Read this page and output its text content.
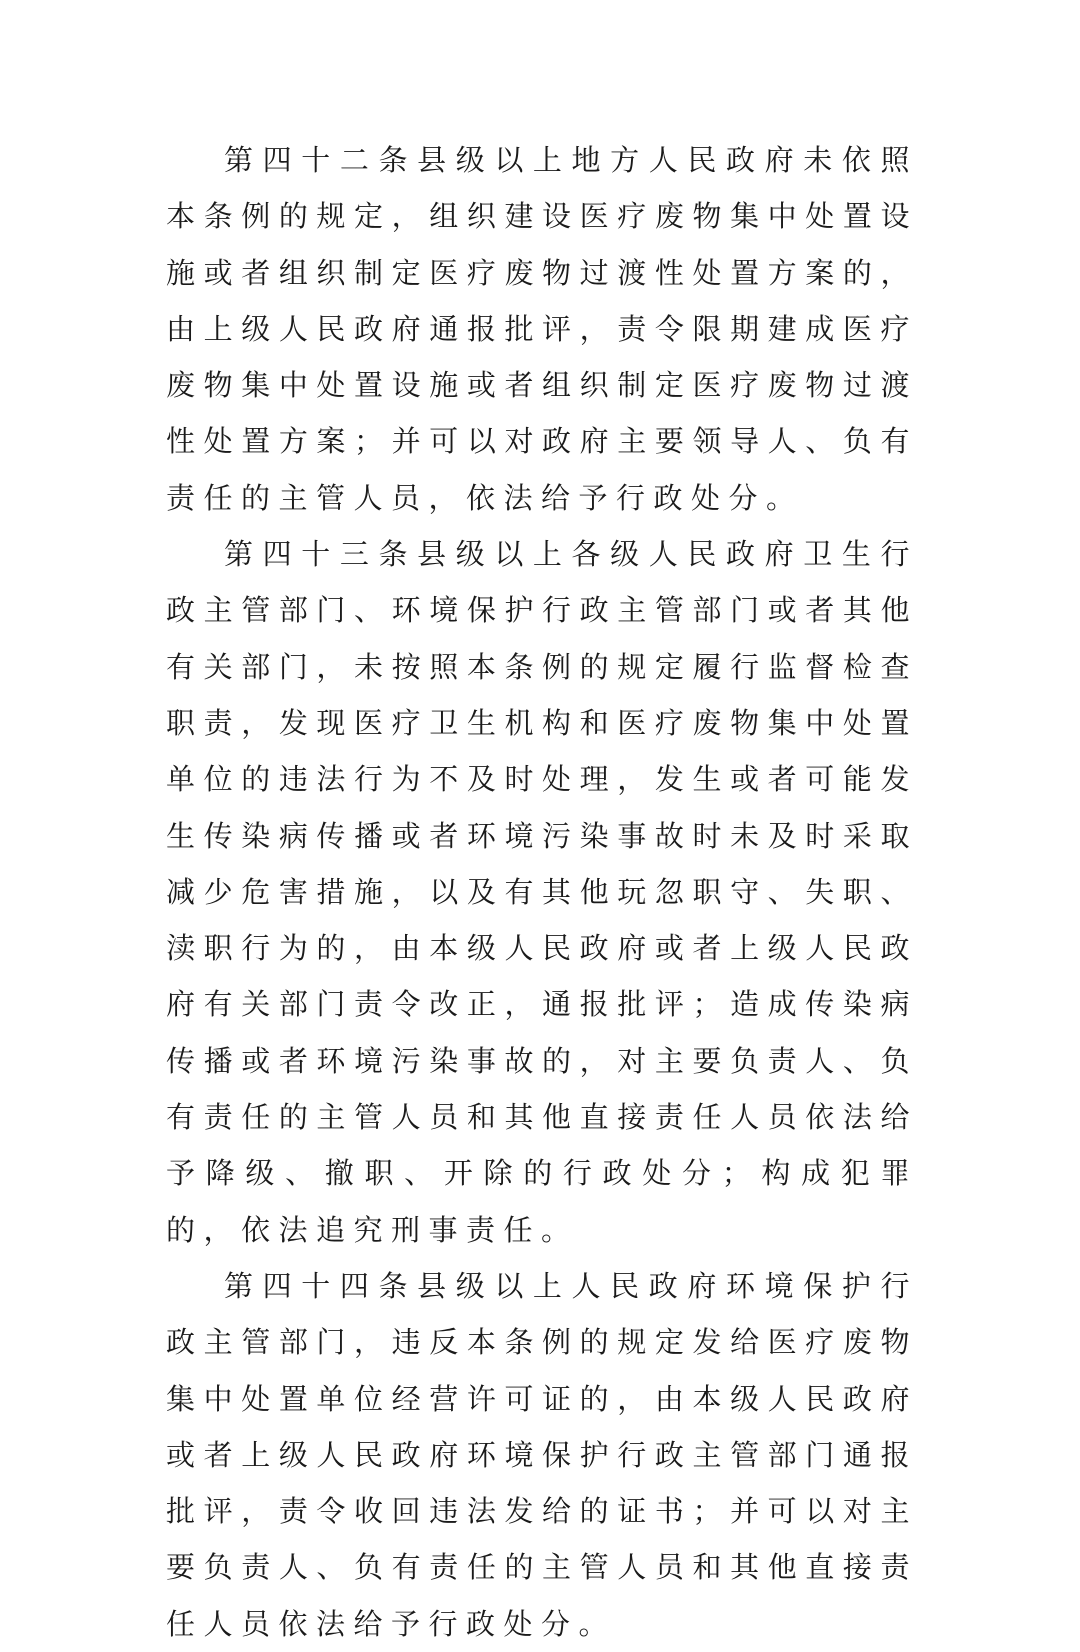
第四十二条县级以上地方人民政府未依照本条例的规定，组织建设医疗废物集中处置设施或者组织制定医疗废物过渡性处置方案的，由上级人民政府通报批评，责令限期建成医疗废物集中处置设施或者组织制定医疗废物过渡性处置方案；并可以对政府主要领导人、负有责任的主管人员，依法给予行政处分。

第四十三条县级以上各级人民政府卫生行政主管部门、环境保护行政主管部门或者其他有关部门，未按照本条例的规定履行监督检查职责，发现医疗卫生机构和医疗废物集中处置单位的违法行为不及时处理，发生或者可能发生传染病传播或者环境污染事故时未及时采取减少危害措施，以及有其他玩忽职守、失职、渎职行为的，由本级人民政府或者上级人民政府有关部门责令改正，通报批评；造成传染病传播或者环境污染事故的，对主要负责人、负有责任的主管人员和其他直接责任人员依法给予降级、撤职、开除的行政处分；构成犯罪的，依法追究刑事责任。

第四十四条县级以上人民政府环境保护行政主管部门，违反本条例的规定发给医疗废物集中处置单位经营许可证的，由本级人民政府或者上级人民政府环境保护行政主管部门通报批评，责令收回违法发给的证书；并可以对主要负责人、负有责任的主管人员和其他直接责任人员依法给予行政处分。
